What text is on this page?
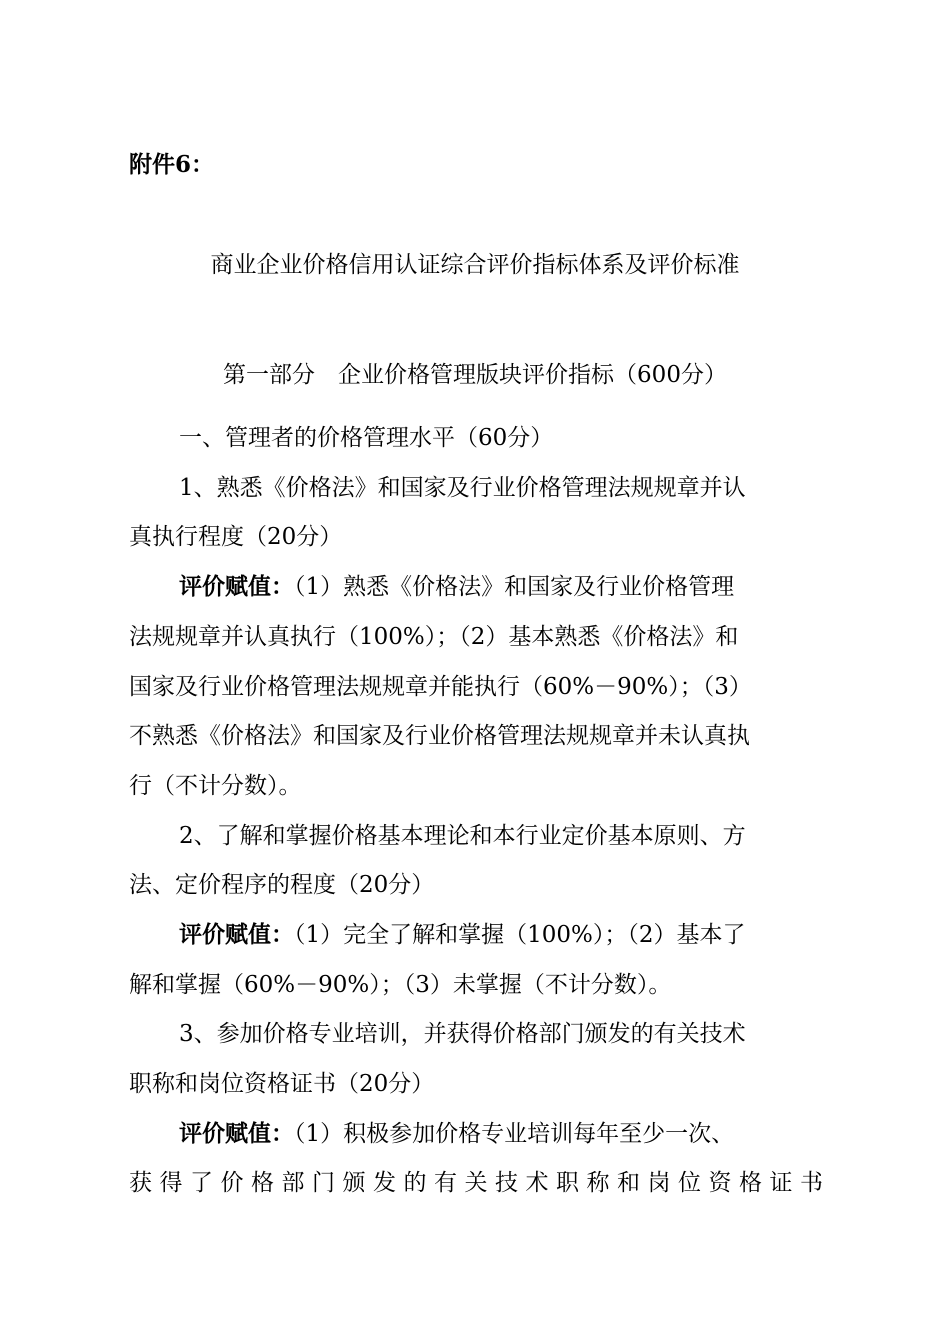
附件6：
商业企业价格信用认证综合评价指标体系及评价标准
第一部分　企业价格管理版块评价指标（600分）
一、管理者的价格管理水平（60分）
1、熟悉《价格法》和国家及行业价格管理法规规章并认
真执行程度（20分）
评价赋值：（1）熟悉《价格法》和国家及行业价格管理
法规规章并认真执行（100%）；（2）基本熟悉《价格法》和
国家及行业价格管理法规规章并能执行（60%－90%）；（3）
不熟悉《价格法》和国家及行业价格管理法规规章并未认真执
行（不计分数）。
2、了解和掌握价格基本理论和本行业定价基本原则、方
法、定价程序的程度（20分）
评价赋值：（1）完全了解和掌握（100%）；（2）基本了
解和掌握（60%－90%）；（3）未掌握（不计分数）。
3、参加价格专业培训，并获得价格部门颁发的有关技术
职称和岗位资格证书（20分）
评价赋值：（1）积极参加价格专业培训每年至少一次、
获得了价格部门颁发的有关技术职称和岗位资格证书
